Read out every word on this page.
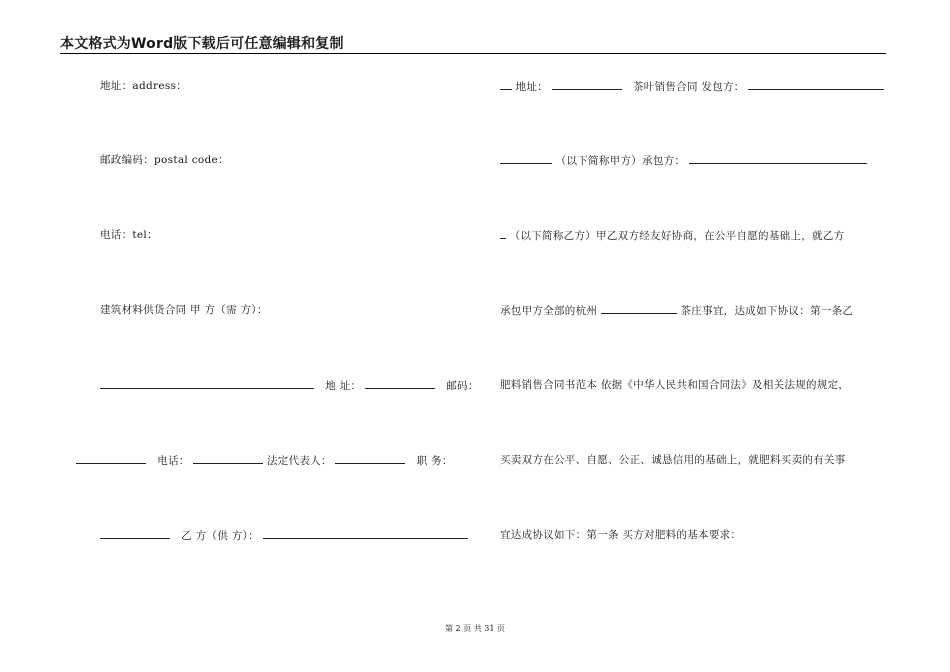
本文格式为Word版下载后可任意编辑和复制
地址：address：
邮政编码：postal code：
电话：tel：
建筑材料供货合同 甲 方（需 方）：
地 址：	邮码：
电话：	法定代表人：	职 务：
乙 方（供 方）：
地址：	茶叶销售合同 发包方：
（以下简称甲方）承包方：
（以下简称乙方）甲乙双方经友好协商，在公平自愿的基础上，就乙方
承包甲方全部的杭州	茶庄事宜，达成如下协议：第一条乙
肥料销售合同书范本 依据《中华人民共和国合同法》及相关法规的规定，
买卖双方在公平、自愿、公正、诚恳信用的基础上，就肥料买卖的有关事
宜达成协议如下：第一条 买方对肥料的基本要求：
第 2 页 共 31 页
